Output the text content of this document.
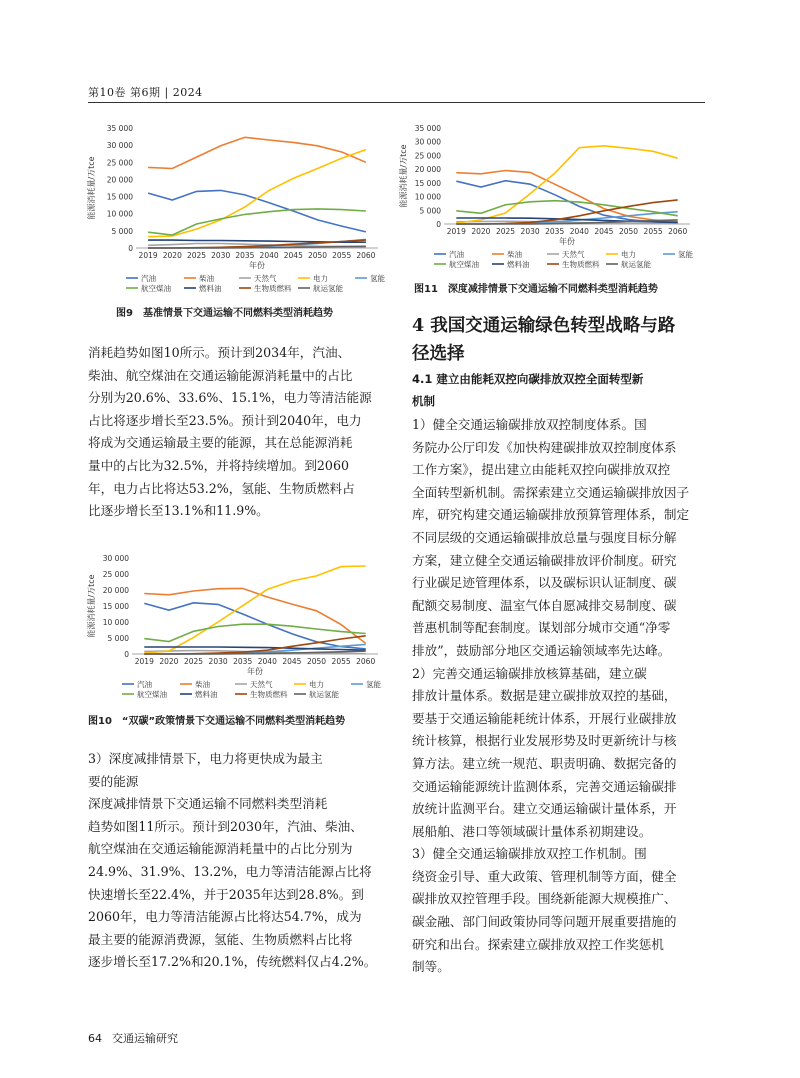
第10卷 第6期 | 2024
能源消耗量/万tce
0
5 000
10 000
15 000
20 000
25 000
30 000
35 000
2019 2020 2025 2030 2035 2040 2045 2050 2055 2060
年份
汽油	柴油	天然气	电力	氢能
航空煤油	燃料油	生物质燃料	航运氢能
图9 基准情景下交通运输不同燃料类型消耗趋势
能源消耗量/万tce
0
5 000
10 000
15 000
20 000
25 000
30 000
35 000
2019 2020 2025 2030 2035 2040 2045 2050 2055 2060
年份
汽油	柴油	天然气	电力	氢能
航空煤油	燃料油	生物质燃料	航运氢能
图11 深度减排情景下交通运输不同燃料类型消耗趋势
消耗趋势如图10所示。预计到2034年，汽油、
柴油、航空煤油在交通运输能源消耗量中的占比
分别为20.6%、33.6%、15.1%，电力等清洁能源
占比将逐步增长至23.5%。预计到2040年，电力
将成为交通运输最主要的能源，其在总能源消耗
量中的占比为32.5%，并将持续增加。到2060
年，电力占比将达53.2%，氢能、生物质燃料占
比逐步增长至13.1%和11.9%。
能源消耗量/万tce
0
5 000
10 000
15 000
20 000
25 000
30 000
2019 2020 2025 2030 2035 2040 2045 2050 2055 2060
年份
汽油	柴油	天然气	电力	氢能
航空煤油	燃料油	生物质燃料	航运氢能
图10 “双碳”政策情景下交通运输不同燃料类型消耗趋势
3）深度减排情景下，电力将更快成为最主
要的能源
深度减排情景下交通运输不同燃料类型消耗
趋势如图11所示。预计到2030年，汽油、柴油、
航空煤油在交通运输能源消耗量中的占比分别为
24.9%、31.9%、13.2%，电力等清洁能源占比将
快速增长至22.4%，并于2035年达到28.8%。到
2060年，电力等清洁能源占比将达54.7%，成为
最主要的能源消费源，氢能、生物质燃料占比将
逐步增长至17.2%和20.1%，传统燃料仅占4.2%。
4 我国交通运输绿色转型战略与路
径选择
4.1 建立由能耗双控向碳排放双控全面转型新
机制
1）健全交通运输碳排放双控制度体系。国
务院办公厅印发《加快构建碳排放双控制度体系
工作方案》，提出建立由能耗双控向碳排放双控
全面转型新机制。需探索建立交通运输碳排放因子
库，研究构建交通运输碳排放预算管理体系，制定
不同层级的交通运输碳排放总量与强度目标分解
方案，建立健全交通运输碳排放评价制度。研究
行业碳足迹管理体系，以及碳标识认证制度、碳
配额交易制度、温室气体自愿减排交易制度、碳
普惠机制等配套制度。谋划部分城市交通“净零
排放”，鼓励部分地区交通运输领域率先达峰。
2）完善交通运输碳排放核算基础，建立碳
排放计量体系。数据是建立碳排放双控的基础，
要基于交通运输能耗统计体系，开展行业碳排放
统计核算，根据行业发展形势及时更新统计与核
算方法。建立统一规范、职责明确、数据完备的
交通运输能源统计监测体系，完善交通运输碳排
放统计监测平台。建立交通运输碳计量体系，开
展船舶、港口等领域碳计量体系初期建设。
3）健全交通运输碳排放双控工作机制。围
绕资金引导、重大政策、管理机制等方面，健全
碳排放双控管理手段。围绕新能源大规模推广、
碳金融、部门间政策协同等问题开展重要措施的
研究和出台。探索建立碳排放双控工作奖惩机
制等。
64 交通运输研究
